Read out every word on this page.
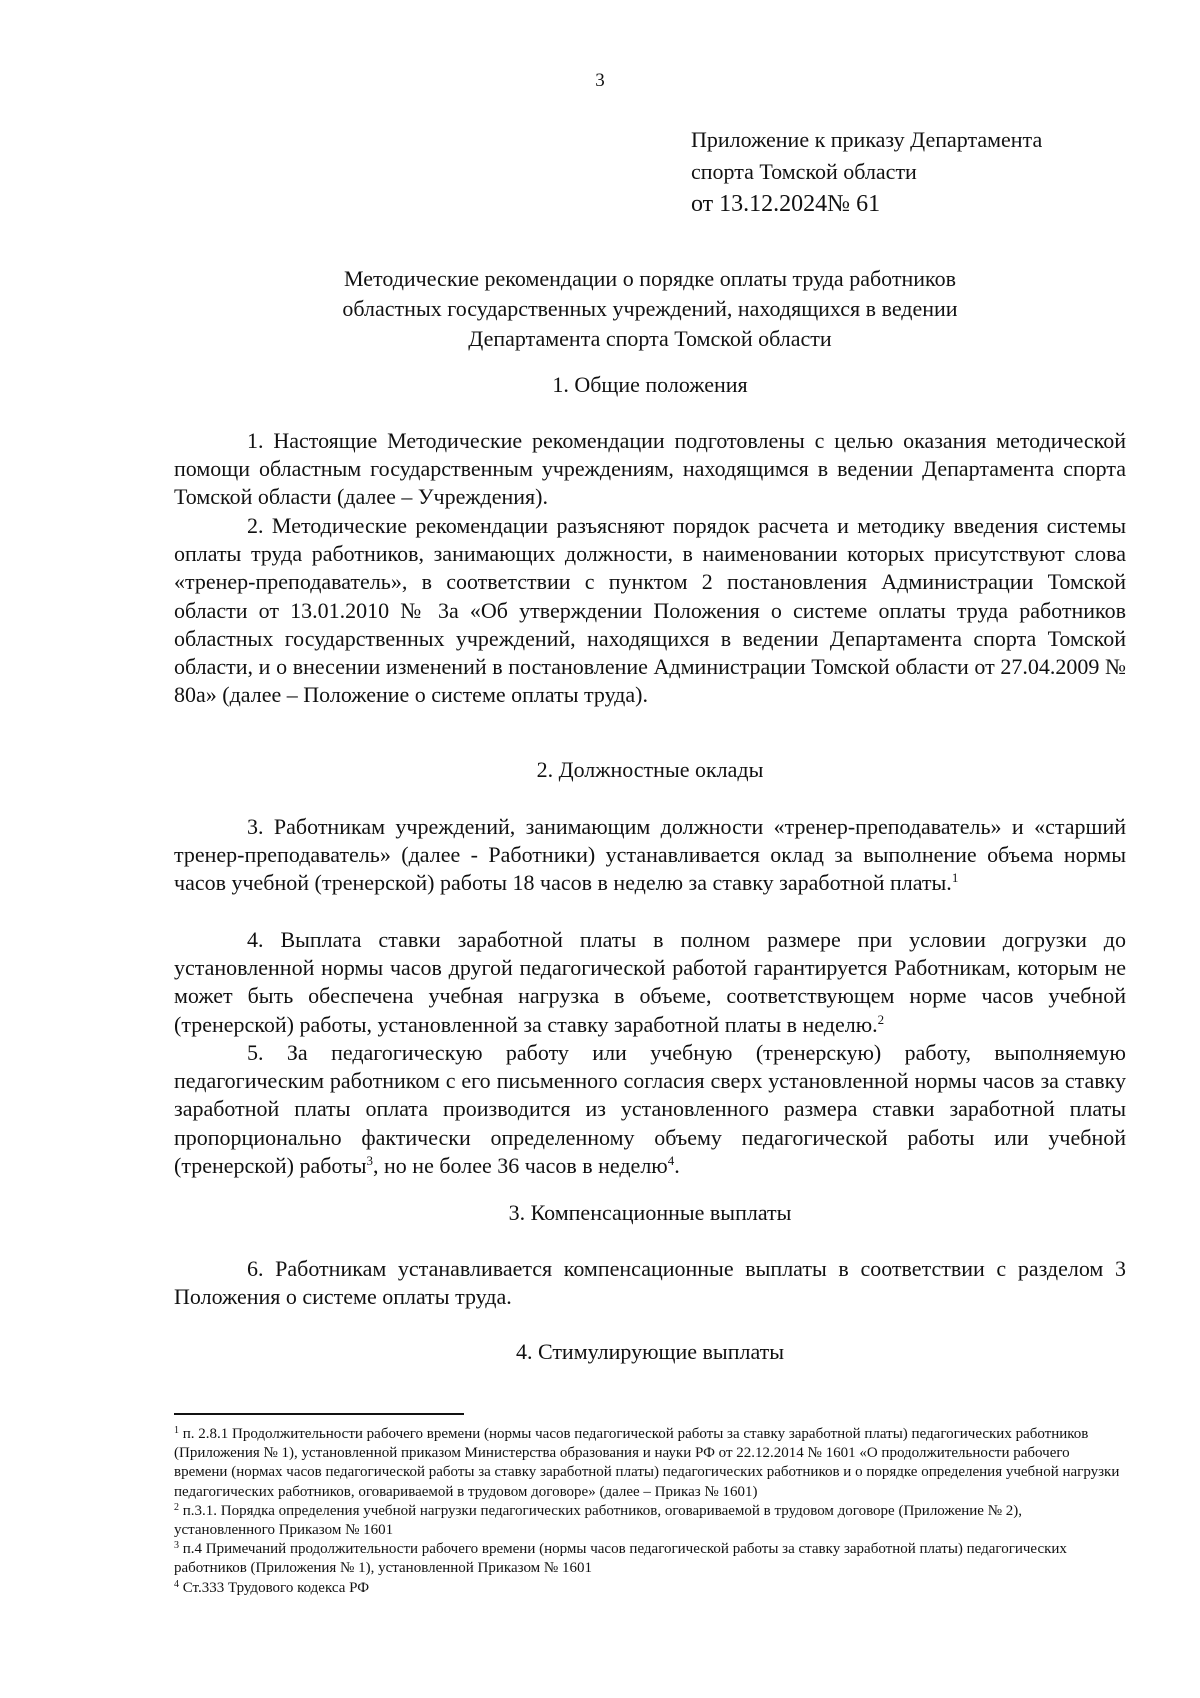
3
Приложение к приказу Департамента
спорта Томской области
от 13.12.2024№ 61
Методические рекомендации о порядке оплаты труда работников
областных государственных учреждений, находящихся в ведении
Департамента спорта Томской области
1. Общие положения

1. Настоящие Методические рекомендации подготовлены с целью оказания методической помощи областным государственным учреждениям, находящимся в ведении Департамента спорта Томской области (далее – Учреждения).

2. Методические рекомендации разъясняют порядок расчета и методику введения системы оплаты труда работников, занимающих должности, в наименовании которых присутствуют слова «тренер-преподаватель», в соответствии с пунктом 2 постановления Администрации Томской области от 13.01.2010 № 3а «Об утверждении Положения о системе оплаты труда работников областных государственных учреждений, находящихся в ведении Департамента спорта Томской области, и о внесении изменений в постановление Администрации Томской области от 27.04.2009 № 80а» (далее – Положение о системе оплаты труда).

2. Должностные оклады

3. Работникам учреждений, занимающим должности «тренер-преподаватель» и «старший тренер-преподаватель» (далее - Работники) устанавливается оклад за выполнение объема нормы часов учебной (тренерской) работы 18 часов в неделю за ставку заработной платы.$^1$

4. Выплата ставки заработной платы в полном размере при условии догрузки до установленной нормы часов другой педагогической работой гарантируется Работникам, которым не может быть обеспечена учебная нагрузка в объеме, соответствующем норме часов учебной (тренерской) работы, установленной за ставку заработной платы в неделю.$^2$

5. За педагогическую работу или учебную (тренерскую) работу, выполняемую педагогическим работником с его письменного согласия сверх установленной нормы часов за ставку заработной платы оплата производится из установленного размера ставки заработной платы пропорционально фактически определенному объему педагогической работы или учебной (тренерской) работы$^3$, но не более 36 часов в неделю$^4$.

3. Компенсационные выплаты

6. Работникам устанавливается компенсационные выплаты в соответствии с разделом 3 Положения о системе оплаты труда.

4. Стимулирующие выплаты

$^1$ п. 2.8.1 Продолжительности рабочего времени (нормы часов педагогической работы за ставку заработной платы) педагогических работников (Приложения № 1), установленной приказом Министерства образования и науки РФ от 22.12.2014 № 1601 «О продолжительности рабочего времени (нормах часов педагогической работы за ставку заработной платы) педагогических работников и о порядке определения учебной нагрузки педагогических работников, оговариваемой в трудовом договоре» (далее – Приказ № 1601)

$^2$ п.3.1. Порядка определения учебной нагрузки педагогических работников, оговариваемой в трудовом договоре (Приложение № 2), установленного Приказом № 1601

$^3$ п.4 Примечаний продолжительности рабочего времени (нормы часов педагогической работы за ставку заработной платы) педагогических работников (Приложения № 1), установленной Приказом № 1601

$^4$ Ст.333 Трудового кодекса РФ
